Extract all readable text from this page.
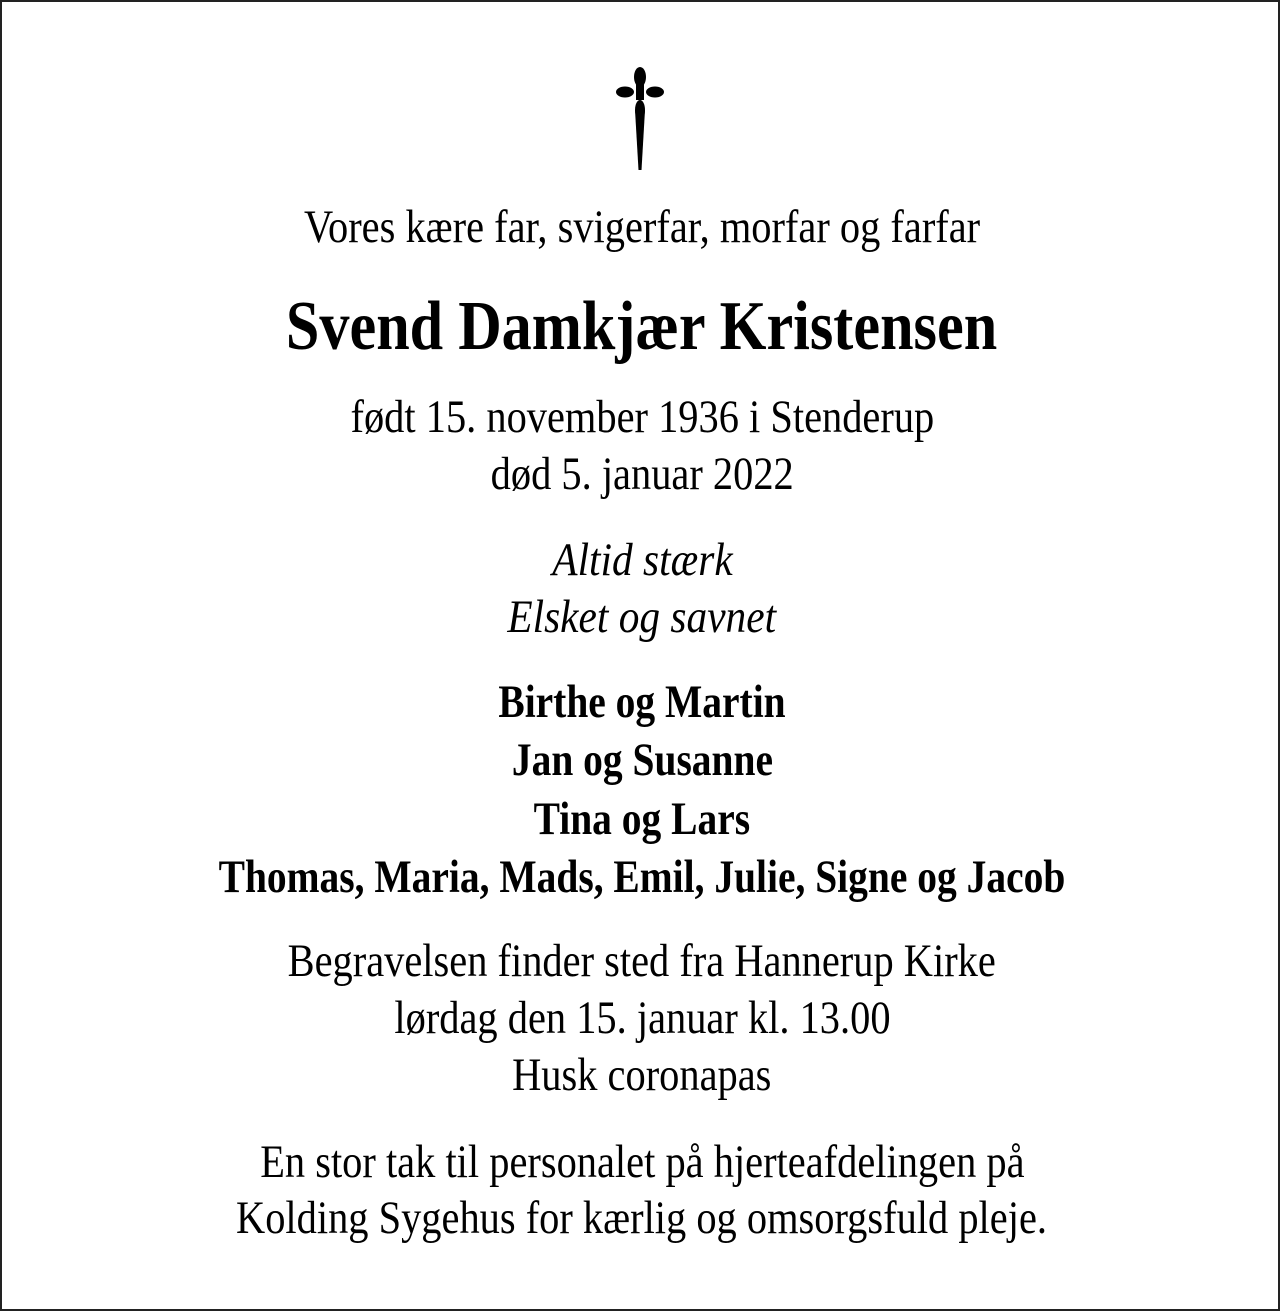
Vores kære far, svigerfar, morfar og farfar
Svend Damkjær Kristensen
født 15. november 1936 i Stenderup
død 5. januar 2022
Altid stærk
Elsket og savnet
Birthe og Martin
Jan og Susanne
Tina og Lars
Thomas, Maria, Mads, Emil, Julie, Signe og Jacob
Begravelsen finder sted fra Hannerup Kirke
lørdag den 15. januar kl. 13.00
Husk coronapas
En stor tak til personalet på hjerteafdelingen på
Kolding Sygehus for kærlig og omsorgsfuld pleje.
